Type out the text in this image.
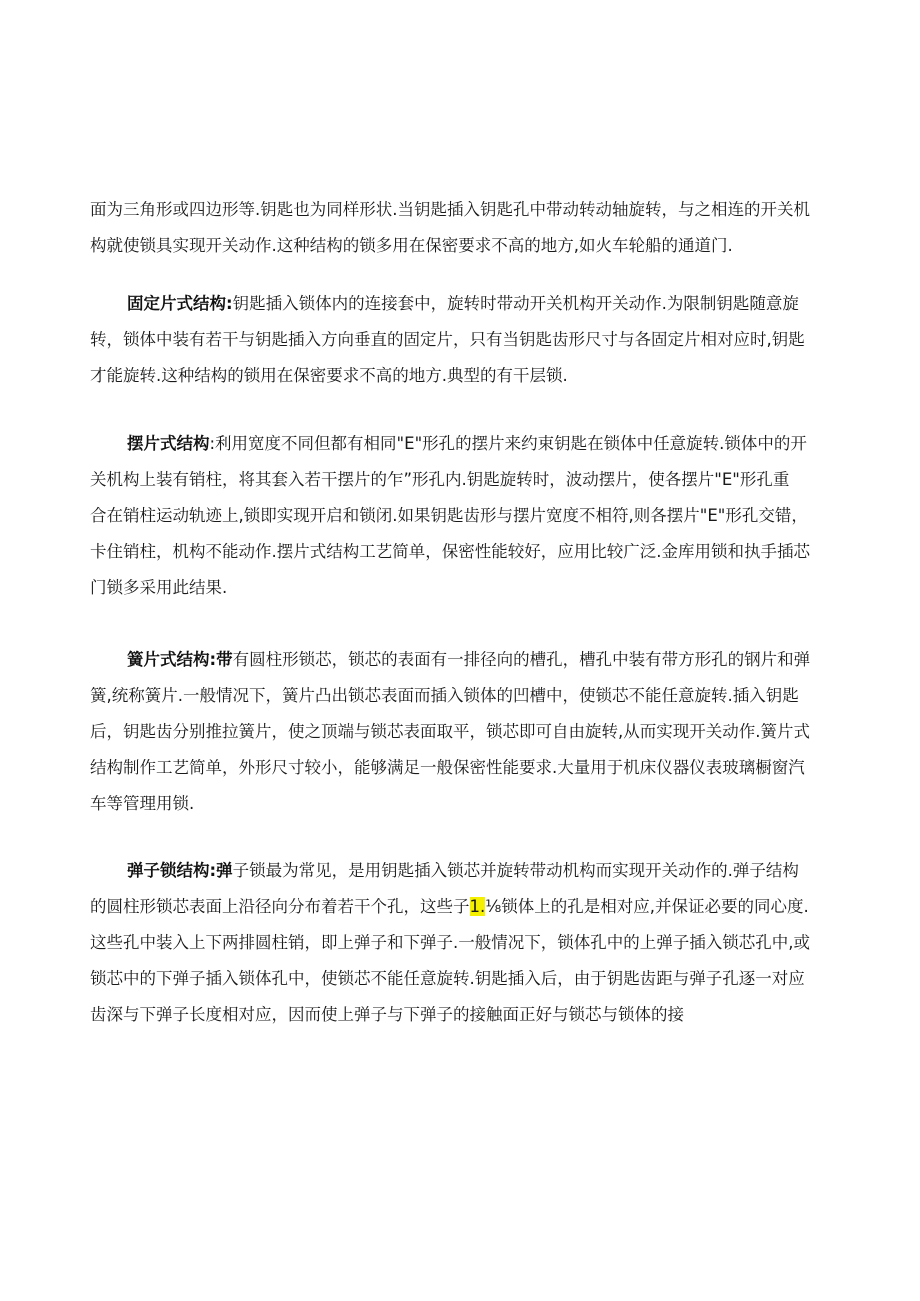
面为三角形或四边形等.钥匙也为同样形状.当钥匙插入钥匙孔中带动转动轴旋转，与之相连的开关机
构就使锁具实现开关动作.这种结构的锁多用在保密要求不高的地方,如火车轮船的通道门.
固定片式结构:钥匙插入锁体内的连接套中，旋转时带动开关机构开关动作.为限制钥匙随意旋
转，锁体中装有若干与钥匙插入方向垂直的固定片，只有当钥匙齿形尺寸与各固定片相对应时,钥匙
才能旋转.这种结构的锁用在保密要求不高的地方.典型的有干层锁.
摆片式结构:利用宽度不同但都有相同"E"形孔的摆片来约束钥匙在锁体中任意旋转.锁体中的开
关机构上装有销柱，将其套入若干摆片的乍”形孔内.钥匙旋转时，波动摆片，使各摆片"E"形孔重
合在销柱运动轨迹上,锁即实现开启和锁闭.如果钥匙齿形与摆片宽度不相符,则各摆片"E"形孔交错，
卡住销柱，机构不能动作.摆片式结构工艺简单，保密性能较好，应用比较广泛.金库用锁和执手插芯
门锁多采用此结果.
簧片式结构:带有圆柱形锁芯，锁芯的表面有一排径向的槽孔，槽孔中装有带方形孔的钢片和弹
簧,统称簧片.一般情况下，簧片凸出锁芯表面而插入锁体的凹槽中，使锁芯不能任意旋转.插入钥匙
后，钥匙齿分别推拉簧片，使之顶端与锁芯表面取平，锁芯即可自由旋转,从而实现开关动作.簧片式
结构制作工艺简单，外形尺寸较小，能够满足一般保密性能要求.大量用于机床仪器仪表玻璃橱窗汽
车等管理用锁.
弹子锁结构:弹子锁最为常见，是用钥匙插入锁芯并旋转带动机构而实现开关动作的.弹子结构
的圆柱形锁芯表面上沿径向分布着若干个孔，这些子1.⅛锁体上的孔是相对应,并保证必要的同心度.
这些孔中装入上下两排圆柱销，即上弹子和下弹子.一般情况下，锁体孔中的上弹子插入锁芯孔中,或
锁芯中的下弹子插入锁体孔中，使锁芯不能任意旋转.钥匙插入后，由于钥匙齿距与弹子孔逐一对应
齿深与下弹子长度相对应，因而使上弹子与下弹子的接触面正好与锁芯与锁体的接
